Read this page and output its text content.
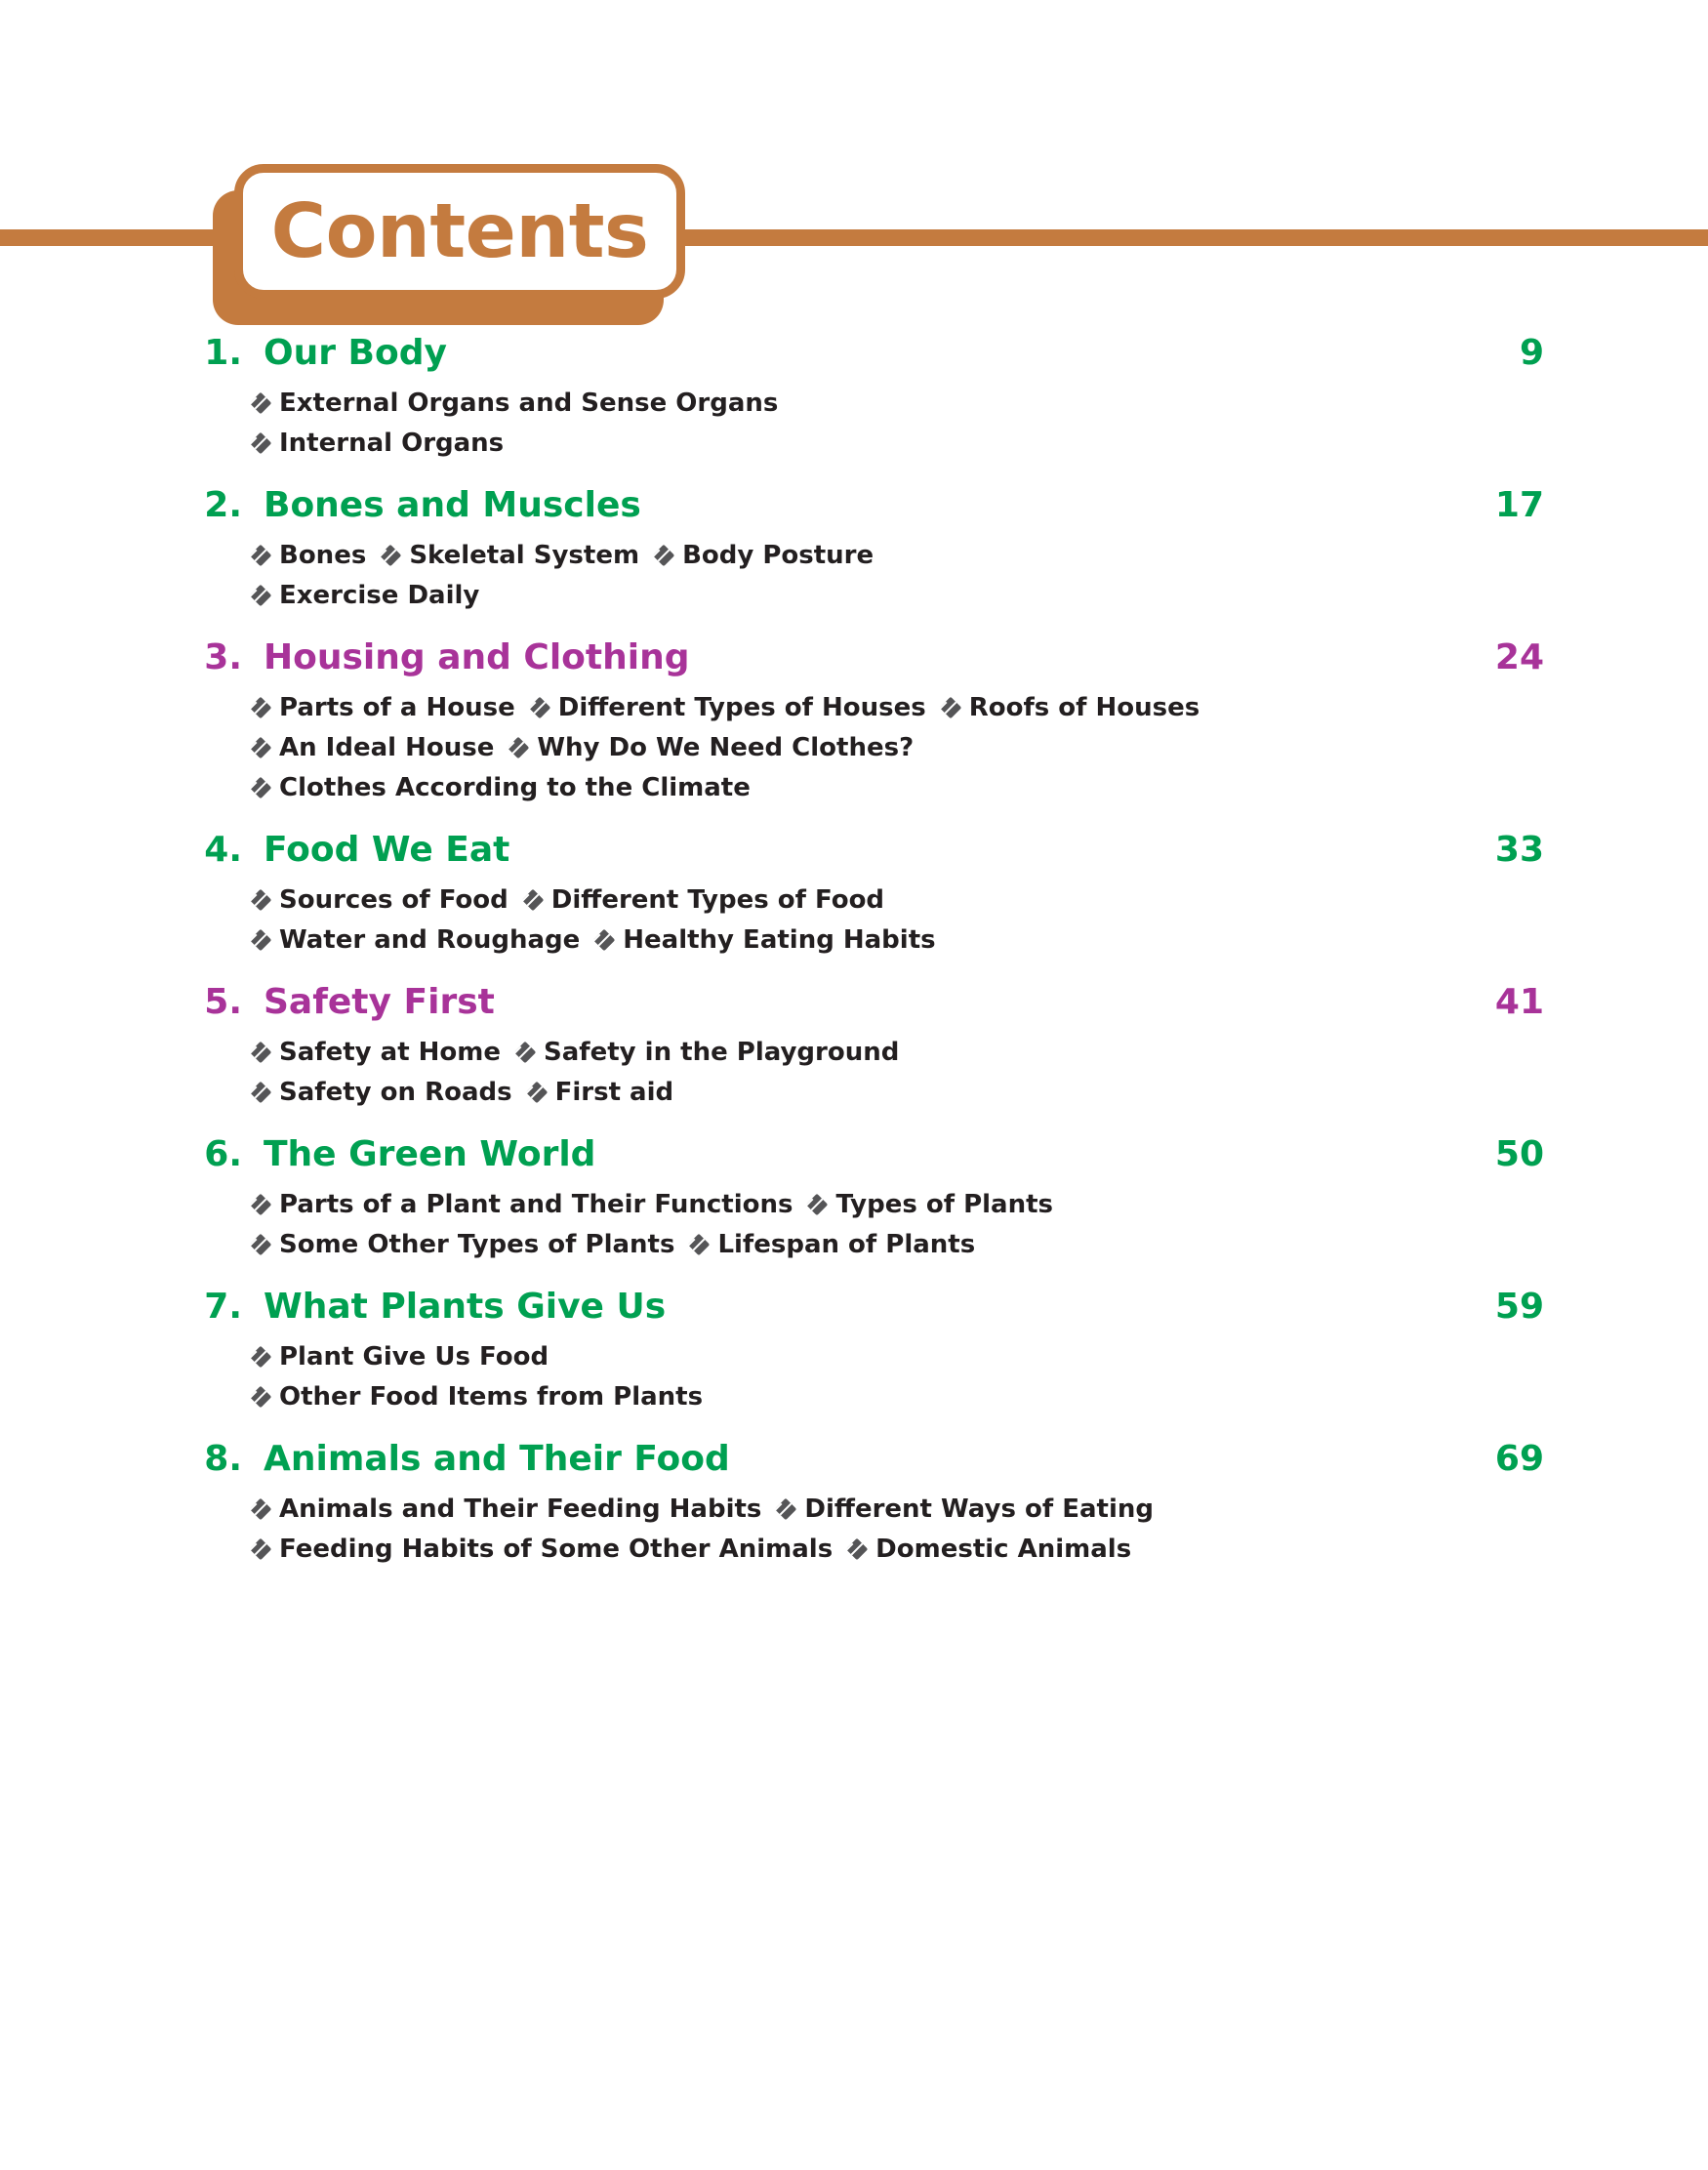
Contents
1. Our Body	9
External Organs and Sense Organs
Internal Organs
2. Bones and Muscles	17
Bones Skeletal System Body Posture
Exercise Daily
3. Housing and Clothing	24
Parts of a House Different Types of Houses Roofs of Houses
An Ideal House Why Do We Need Clothes?
Clothes According to the Climate
4. Food We Eat	33
Sources of Food Different Types of Food
Water and Roughage Healthy Eating Habits
5. Safety First	41
Safety at Home Safety in the Playground
Safety on Roads First aid
6. The Green World	50
Parts of a Plant and Their Functions Types of Plants
Some Other Types of Plants Lifespan of Plants
7. What Plants Give Us	59
Plant Give Us Food
Other Food Items from Plants
8. Animals and Their Food	69
Animals and Their Feeding Habits Different Ways of Eating
Feeding Habits of Some Other Animals Domestic Animals
